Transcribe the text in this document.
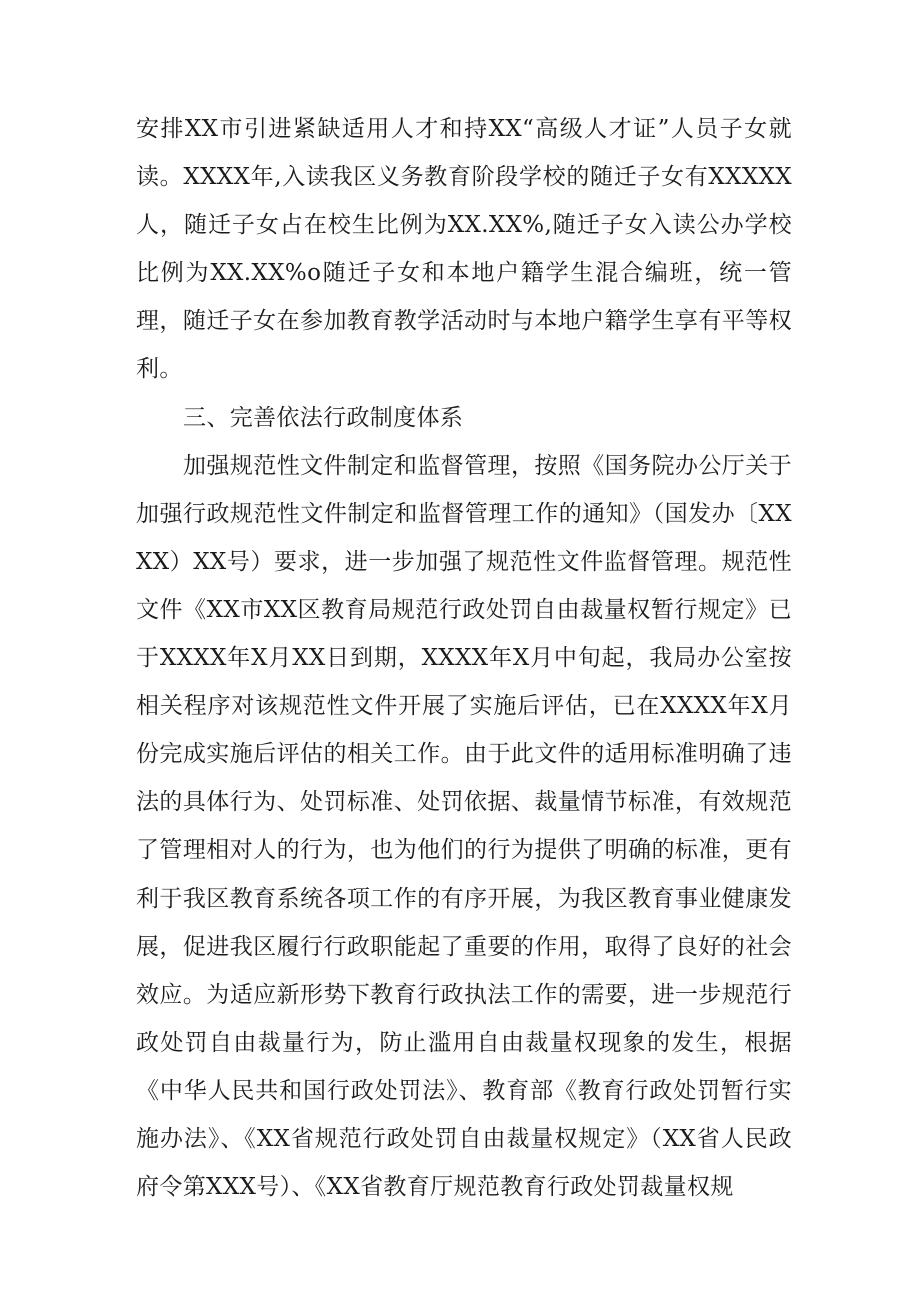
安排XX市引进紧缺适用人才和持XX“高级人才证”人员子女就读。XXXX年,入读我区义务教育阶段学校的随迁子女有XXXXX人，随迁子女占在校生比例为XX.XX%,随迁子女入读公办学校比例为XX.XX%o随迁子女和本地户籍学生混合编班，统一管理，随迁子女在参加教育教学活动时与本地户籍学生享有平等权利。

三、完善依法行政制度体系

加强规范性文件制定和监督管理，按照《国务院办公厅关于加强行政规范性文件制定和监督管理工作的通知》（国发办〔XXXX）XX号）要求，进一步加强了规范性文件监督管理。规范性文件《XX市XX区教育局规范行政处罚自由裁量权暂行规定》已于XXXX年X月XX日到期，XXXX年X月中旬起，我局办公室按相关程序对该规范性文件开展了实施后评估，已在XXXX年X月份完成实施后评估的相关工作。由于此文件的适用标准明确了违法的具体行为、处罚标准、处罚依据、裁量情节标准，有效规范了管理相对人的行为，也为他们的行为提供了明确的标准，更有利于我区教育系统各项工作的有序开展，为我区教育事业健康发展，促进我区履行行政职能起了重要的作用，取得了良好的社会效应。为适应新形势下教育行政执法工作的需要，进一步规范行政处罚自由裁量行为，防止滥用自由裁量权现象的发生，根据《中华人民共和国行政处罚法》、教育部《教育行政处罚暂行实施办法》、《XX省规范行政处罚自由裁量权规定》（XX省人民政府令第XXX号）、《XX省教育厅规范教育行政处罚裁量权规
